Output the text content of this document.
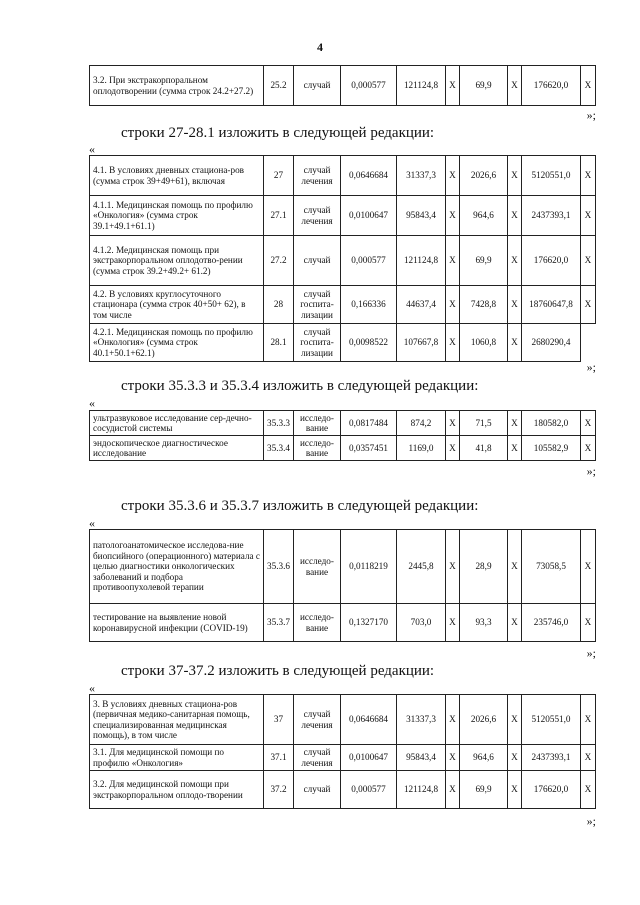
4
3.2. При экстракорпоральном оплодотворении (сумма строк 24.2+27.2)	25.2	случай	0,000577	121124,8	X	69,9	X	176620,0	X
»;
строки 27-28.1 изложить в следующей редакции:
«
4.1. В условиях дневных стациона-ров (сумма строк 39+49+61), включая	27	случай лечения	0,0646684	31337,3	X	2026,6	X	5120551,0	X
4.1.1. Медицинская помощь по профилю «Онкология» (сумма строк 39.1+49.1+61.1)	27.1	случай лечения	0,0100647	95843,4	X	964,6	X	2437393,1	X
4.1.2. Медицинская помощь при экстракорпоральном оплодотво-рении (сумма строк 39.2+49.2+ 61.2)	27.2	случай	0,000577	121124,8	X	69,9	X	176620,0	X
4.2. В условиях круглосуточного стационара (сумма строк 40+50+ 62), в том числе	28	случай госпита-лизации	0,166336	44637,4	X	7428,8	X	18760647,8	X
4.2.1. Медицинская помощь по профилю «Онкология» (сумма строк 40.1+50.1+62.1)	28.1	случай госпита-лизации	0,0098522	107667,8	X	1060,8	X	2680290,4	
»;
строки 35.3.3 и 35.3.4 изложить в следующей редакции:
«
ультразвуковое исследование сер-дечно-сосудистой системы	35.3.3	исследо-вание	0,0817484	874,2	X	71,5	X	180582,0	X
эндоскопическое диагностическое исследование	35.3.4	исследо-вание	0,0357451	1169,0	X	41,8	X	105582,9	X
»;
строки 35.3.6 и 35.3.7 изложить в следующей редакции:
«
патологоанатомическое исследова-ние биопсийного (операционного) материала с целью диагностики онкологических заболеваний и подбора противоопухолевой терапии	35.3.6	исследо-вание	0,0118219	2445,8	X	28,9	X	73058,5	X
тестирование на выявление новой коронавирусной инфекции (COVID-19)	35.3.7	исследо-вание	0,1327170	703,0	X	93,3	X	235746,0	X
»;
строки 37-37.2 изложить в следующей редакции:
«
3. В условиях дневных стациона-ров (первичная медико-санитарная помощь, специализированная медицинская помощь), в том числе	37	случай лечения	0,0646684	31337,3	X	2026,6	X	5120551,0	X
3.1. Для медицинской помощи по профилю «Онкология»	37.1	случай лечения	0,0100647	95843,4	X	964,6	X	2437393,1	X
3.2. Для медицинской помощи при экстракорпоральном оплодо-творении	37.2	случай	0,000577	121124,8	X	69,9	X	176620,0	X
»;
